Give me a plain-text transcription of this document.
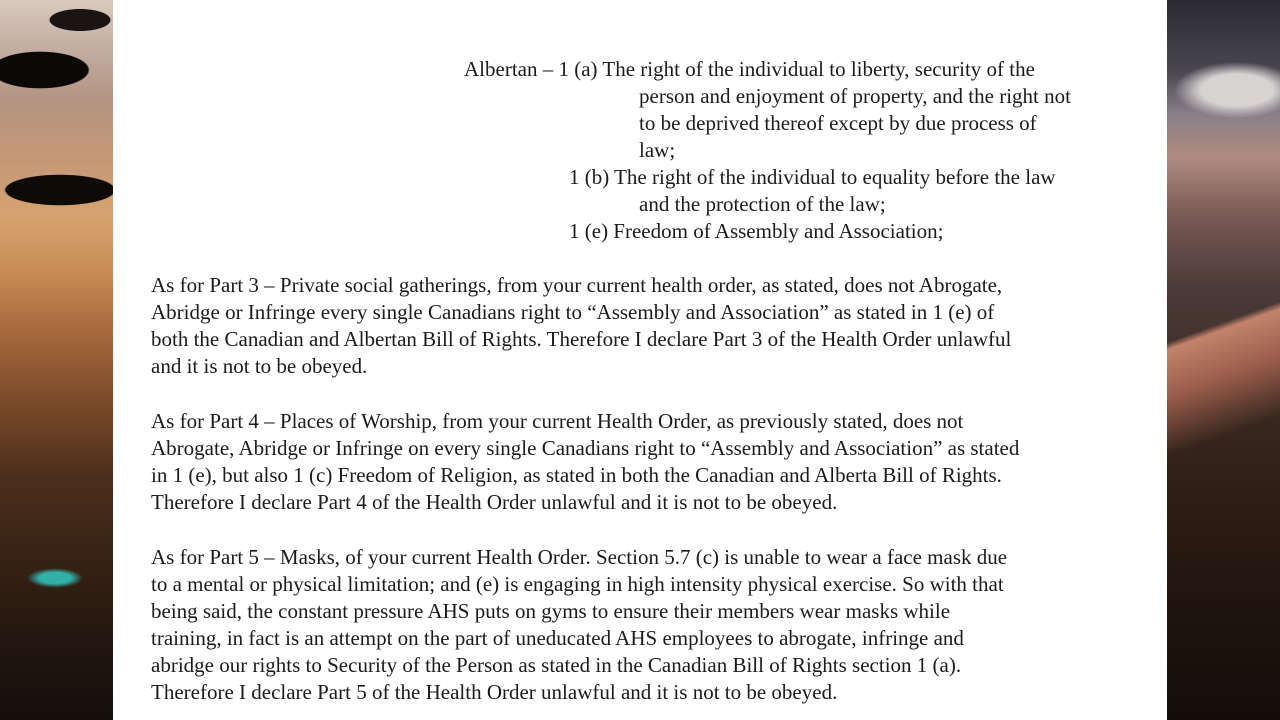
Albertan – 1 (a) The right of the individual to liberty, security of the
person and enjoyment of property, and the right not
to be deprived thereof except by due process of
law;
1 (b) The right of the individual to equality before the law
and the protection of the law;
1 (e) Freedom of Assembly and Association;

As for Part 3 – Private social gatherings, from your current health order, as stated, does not Abrogate,

Abridge or Infringe every single Canadians right to “Assembly and Association” as stated in 1 (e) of

both the Canadian and Albertan Bill of Rights. Therefore I declare Part 3 of the Health Order unlawful

and it is not to be obeyed.

As for Part 4 – Places of Worship, from your current Health Order, as previously stated, does not

Abrogate, Abridge or Infringe on every single Canadians right to “Assembly and Association” as stated

in 1 (e), but also 1 (c) Freedom of Religion, as stated in both the Canadian and Alberta Bill of Rights.

Therefore I declare Part 4 of the Health Order unlawful and it is not to be obeyed.

As for Part 5 – Masks, of your current Health Order. Section 5.7 (c) is unable to wear a face mask due

to a mental or physical limitation; and (e) is engaging in high intensity physical exercise. So with that

being said, the constant pressure AHS puts on gyms to ensure their members wear masks while

training, in fact is an attempt on the part of uneducated AHS employees to abrogate, infringe and

abridge our rights to Security of the Person as stated in the Canadian Bill of Rights section 1 (a).

Therefore I declare Part 5 of the Health Order unlawful and it is not to be obeyed.
